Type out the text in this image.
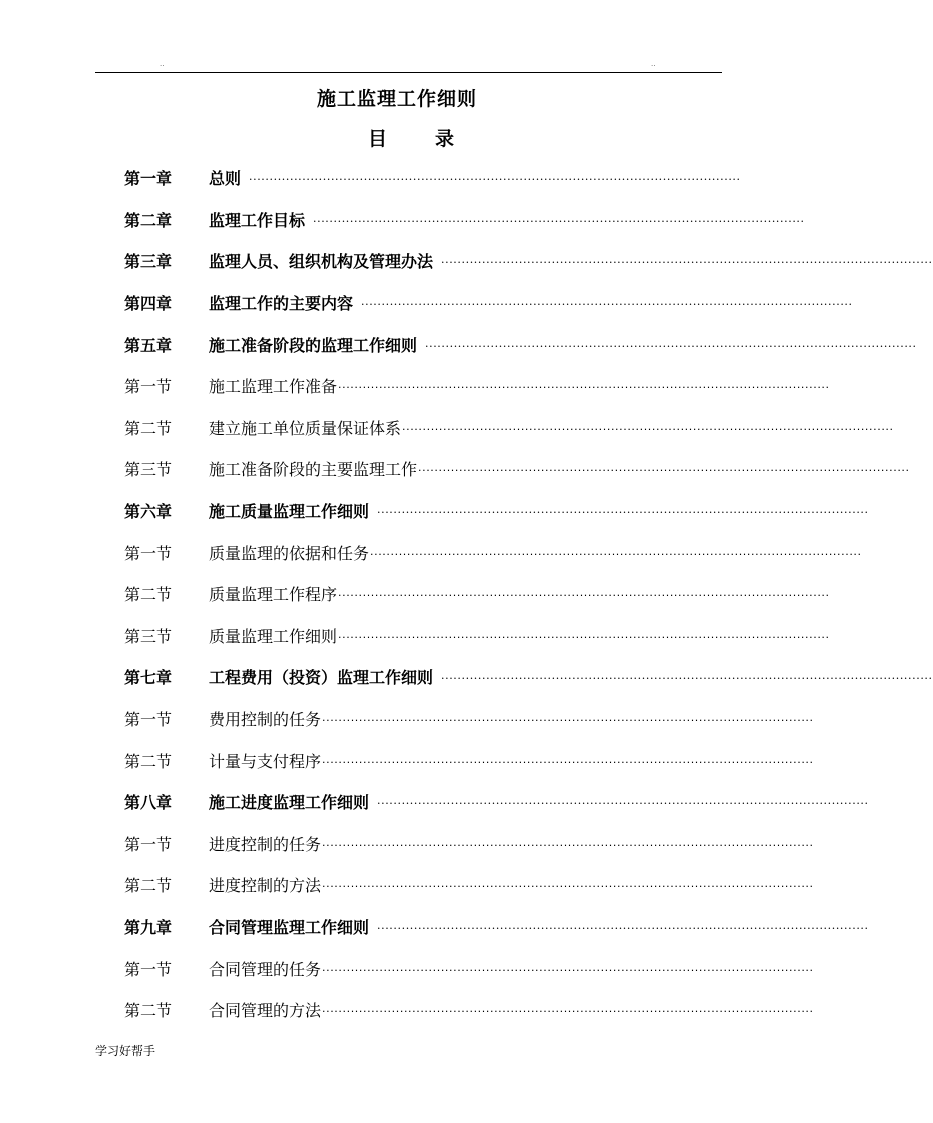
..	..
施工监理工作细则
目	录
第一章	总则 ························································································································
第二章	监理工作目标 ························································································································
第三章	监理人员、组织机构及管理办法 ························································································································
第四章	监理工作的主要内容 ························································································································
第五章	施工准备阶段的监理工作细则 ························································································································
第一节	施工监理工作准备 ························································································································
第二节	建立施工单位质量保证体系 ························································································································
第三节	施工准备阶段的主要监理工作 ························································································································
第六章	施工质量监理工作细则 ························································································································
第一节	质量监理的依据和任务 ························································································································
第二节	质量监理工作程序 ························································································································
第三节	质量监理工作细则 ························································································································
第七章	工程费用（投资）监理工作细则 ························································································································
第一节	费用控制的任务 ························································································································
第二节	计量与支付程序 ························································································································
第八章	施工进度监理工作细则 ························································································································
第一节	进度控制的任务 ························································································································
第二节	进度控制的方法 ························································································································
第九章	合同管理监理工作细则 ························································································································
第一节	合同管理的任务 ························································································································
第二节	合同管理的方法 ························································································································
学习好帮手
